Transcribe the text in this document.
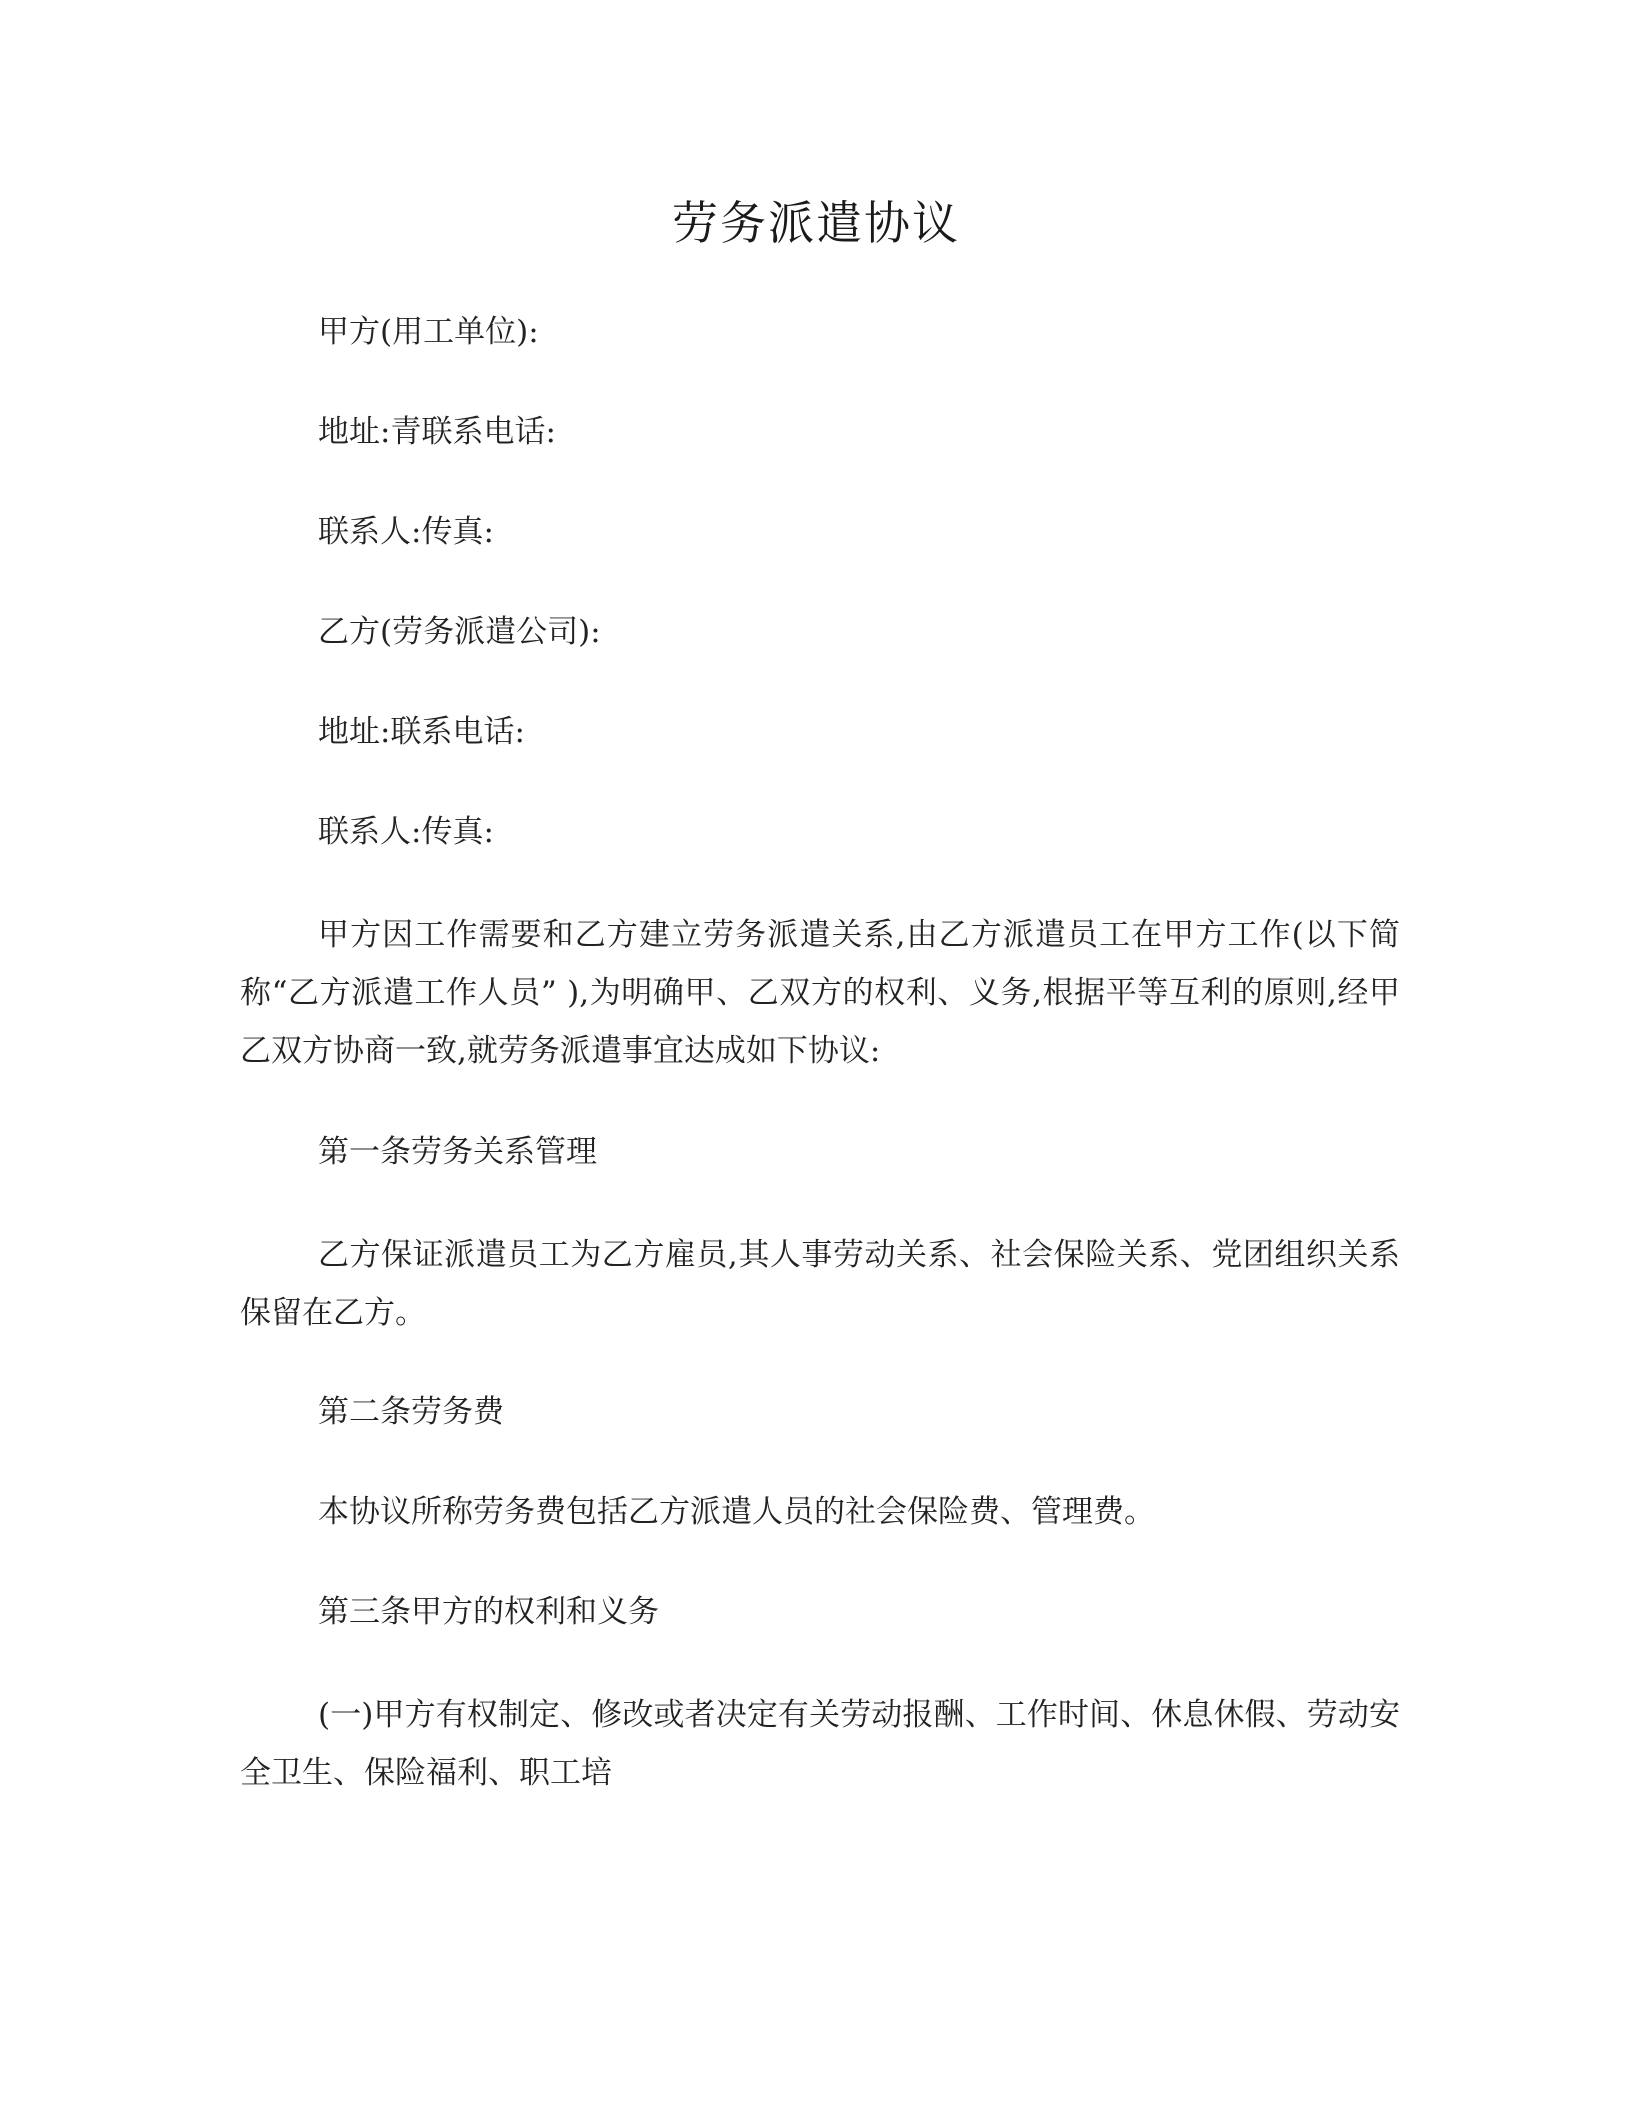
劳务派遣协议
甲方(用工单位):
地址:青联系电话:
联系人:传真:
乙方(劳务派遣公司):
地址:联系电话:
联系人:传真:
甲方因工作需要和乙方建立劳务派遣关系,由乙方派遣员工在甲方工作(以下简称“乙方派遣工作人员” ),为明确甲、乙双方的权利、义务,根据平等互利的原则,经甲乙双方协商一致,就劳务派遣事宜达成如下协议:
第一条劳务关系管理
乙方保证派遣员工为乙方雇员,其人事劳动关系、社会保险关系、党团组织关系保留在乙方。
第二条劳务费
本协议所称劳务费包括乙方派遣人员的社会保险费、管理费。
第三条甲方的权利和义务
(一)甲方有权制定、修改或者决定有关劳动报酬、工作时间、休息休假、劳动安全卫生、保险福利、职工培
